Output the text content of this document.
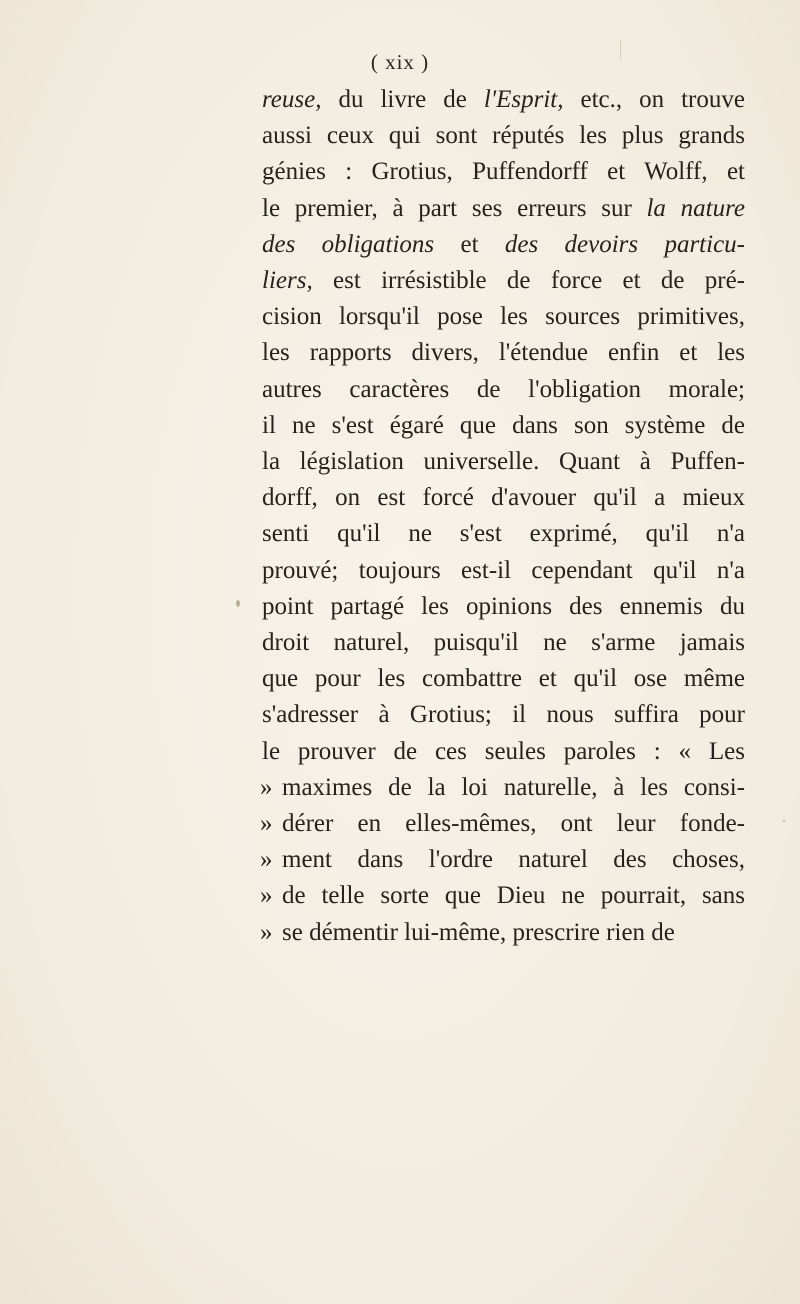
( xix )
reuse, du livre de l'Esprit, etc., on trouve
aussi ceux qui sont réputés les plus grands
génies : Grotius, Puffendorff et Wolff, et
le premier, à part ses erreurs sur la nature
des obligations et des devoirs particu-
liers, est irrésistible de force et de pré-
cision lorsqu'il pose les sources primitives,
les rapports divers, l'étendue enfin et les
autres caractères de l'obligation morale;
il ne s'est égaré que dans son système de
la législation universelle. Quant à Puffen-
dorff, on est forcé d'avouer qu'il a mieux
senti qu'il ne s'est exprimé, qu'il n'a
prouvé; toujours est-il cependant qu'il n'a
point partagé les opinions des ennemis du
droit naturel, puisqu'il ne s'arme jamais
que pour les combattre et qu'il ose même
s'adresser à Grotius; il nous suffira pour
le prouver de ces seules paroles : « Les
» maximes de la loi naturelle, à les consi-
» dérer en elles-mêmes, ont leur fonde-
» ment dans l'ordre naturel des choses,
» de telle sorte que Dieu ne pourrait, sans
» se démentir lui-même, prescrire rien de
